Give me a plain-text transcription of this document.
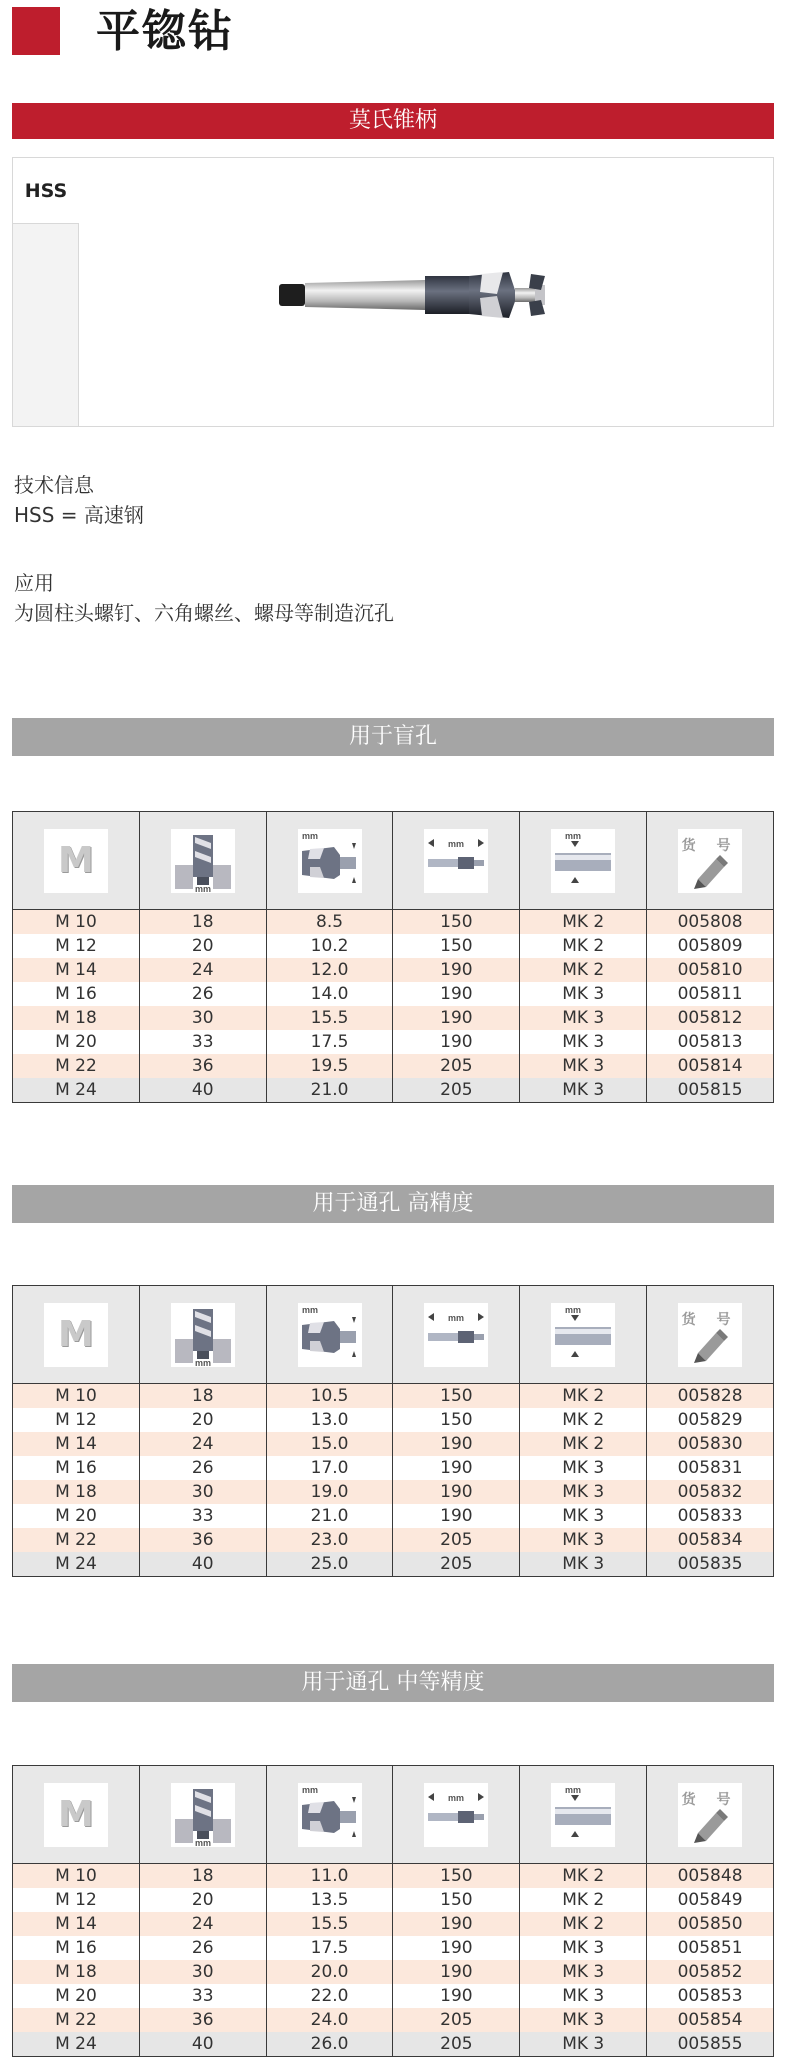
平锪钻
莫氏锥柄
HSS
技术信息
HSS = 高速钢
应用
为圆柱头螺钉、六角螺丝、螺母等制造沉孔
用于盲孔
用于通孔 高精度
用于通孔 中等精度
M	mm	mm	mm	mm	货 号

M 10	18	8.5	150	MK 2	005808
M 12	20	10.2	150	MK 2	005809
M 14	24	12.0	190	MK 2	005810
M 16	26	14.0	190	MK 3	005811
M 18	30	15.5	190	MK 3	005812
M 20	33	17.5	190	MK 3	005813
M 22	36	19.5	205	MK 3	005814
M 24	40	21.0	205	MK 3	005815
M	mm	mm	mm	mm	货 号

M 10	18	10.5	150	MK 2	005828
M 12	20	13.0	150	MK 2	005829
M 14	24	15.0	190	MK 2	005830
M 16	26	17.0	190	MK 3	005831
M 18	30	19.0	190	MK 3	005832
M 20	33	21.0	190	MK 3	005833
M 22	36	23.0	205	MK 3	005834
M 24	40	25.0	205	MK 3	005835
M	mm	mm	mm	mm	货 号

M 10	18	11.0	150	MK 2	005848
M 12	20	13.5	150	MK 2	005849
M 14	24	15.5	190	MK 2	005850
M 16	26	17.5	190	MK 3	005851
M 18	30	20.0	190	MK 3	005852
M 20	33	22.0	190	MK 3	005853
M 22	36	24.0	205	MK 3	005854
M 24	40	26.0	205	MK 3	005855
